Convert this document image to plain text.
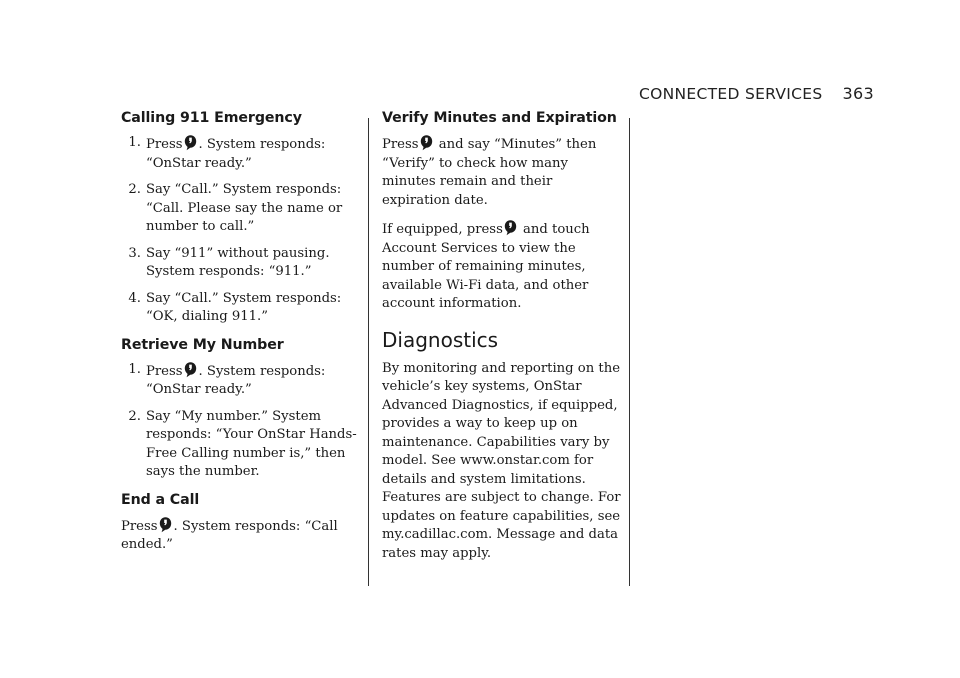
CONNECTED SERVICES 363
Calling 911 Emergency
1. Press . System responds: “OnStar ready.”
2. Say “Call.” System responds: “Call. Please say the name or number to call.”
3. Say “911” without pausing. System responds: “911.”
4. Say “Call.” System responds: “OK, dialing 911.”
Retrieve My Number
1. Press . System responds: “OnStar ready.”
2. Say “My number.” System responds: “Your OnStar Hands-Free Calling number is,” then says the number.
End a Call

Press . System responds: “Call ended.”

Verify Minutes and Expiration

Press and say “Minutes” then “Verify” to check how many minutes remain and their expiration date.

If equipped, press and touch Account Services to view the number of remaining minutes, available Wi-Fi data, and other account information.

Diagnostics

By monitoring and reporting on the vehicle’s key systems, OnStar Advanced Diagnostics, if equipped, provides a way to keep up on maintenance. Capabilities vary by model. See www.onstar.com for details and system limitations. Features are subject to change. For updates on feature capabilities, see my.cadillac.com. Message and data rates may apply.
